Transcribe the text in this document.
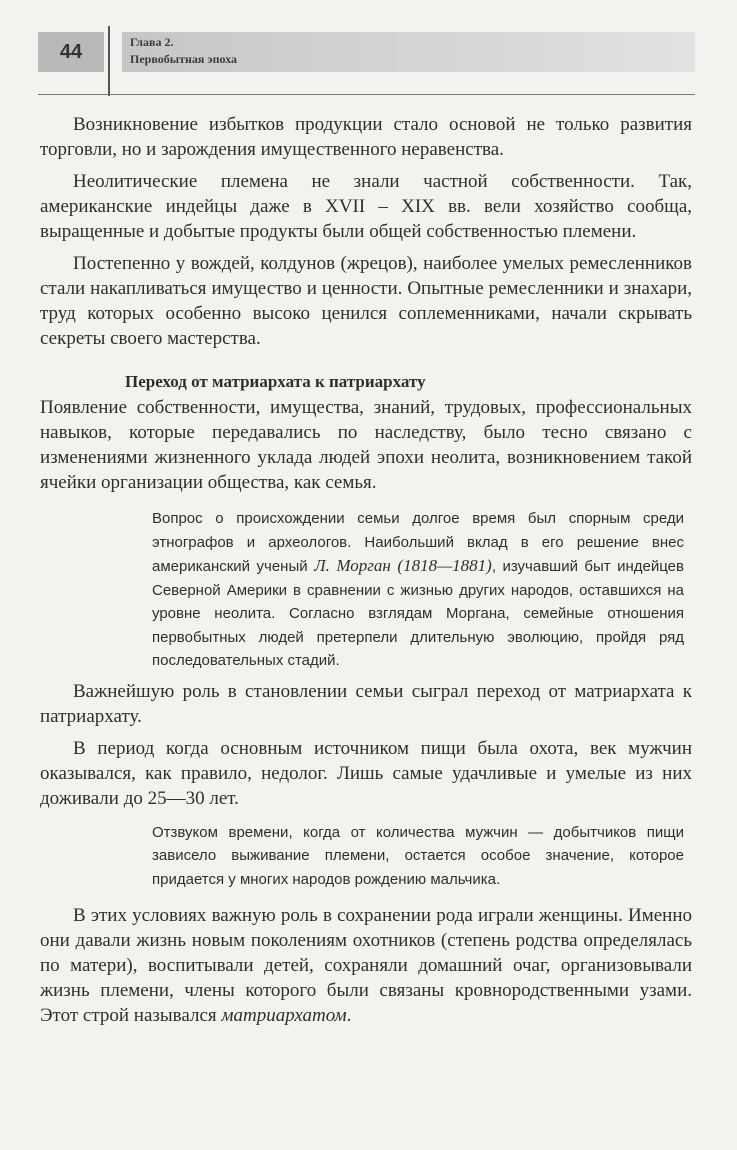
44	Глава 2.
Первобытная эпоха

Возникновение избытков продукции стало основой не только развития торговли, но и зарождения имущественного неравенства.

Неолитические племена не знали частной собственности. Так, американские индейцы даже в XVII – XIX вв. вели хозяйство сообща, выращенные и добытые продукты были общей собственностью племени.

Постепенно у вождей, колдунов (жрецов), наиболее умелых ремесленников стали накапливаться имущество и ценности. Опытные ремесленники и знахари, труд которых особенно высоко ценился соплеменниками, начали скрывать секреты своего мастерства.

Переход от матриархата к патриархату

Появление собственности, имущества, знаний, трудовых, профессиональных навыков, которые передавались по наследству, было тесно связано с изменениями жизненного уклада людей эпохи неолита, возникновением такой ячейки организации общества, как семья.

Вопрос о происхождении семьи долгое время был спорным среди этнографов и археологов. Наибольший вклад в его решение внес американский ученый Л. Морган (1818—1881), изучавший быт индейцев Северной Америки в сравнении с жизнью других народов, оставшихся на уровне неолита. Согласно взглядам Моргана, семейные отношения первобытных людей претерпели длительную эволюцию, пройдя ряд последовательных стадий.

Важнейшую роль в становлении семьи сыграл переход от матриархата к патриархату.

В период когда основным источником пищи была охота, век мужчин оказывался, как правило, недолог. Лишь самые удачливые и умелые из них доживали до 25—30 лет.

Отзвуком времени, когда от количества мужчин — добытчиков пищи зависело выживание племени, остается особое значение, которое придается у многих народов рождению мальчика.

В этих условиях важную роль в сохранении рода играли женщины. Именно они давали жизнь новым поколениям охотников (степень родства определялась по матери), воспитывали детей, сохраняли домашний очаг, организовывали жизнь племени, члены которого были связаны кровнородственными узами. Этот строй назывался матриархатом.
